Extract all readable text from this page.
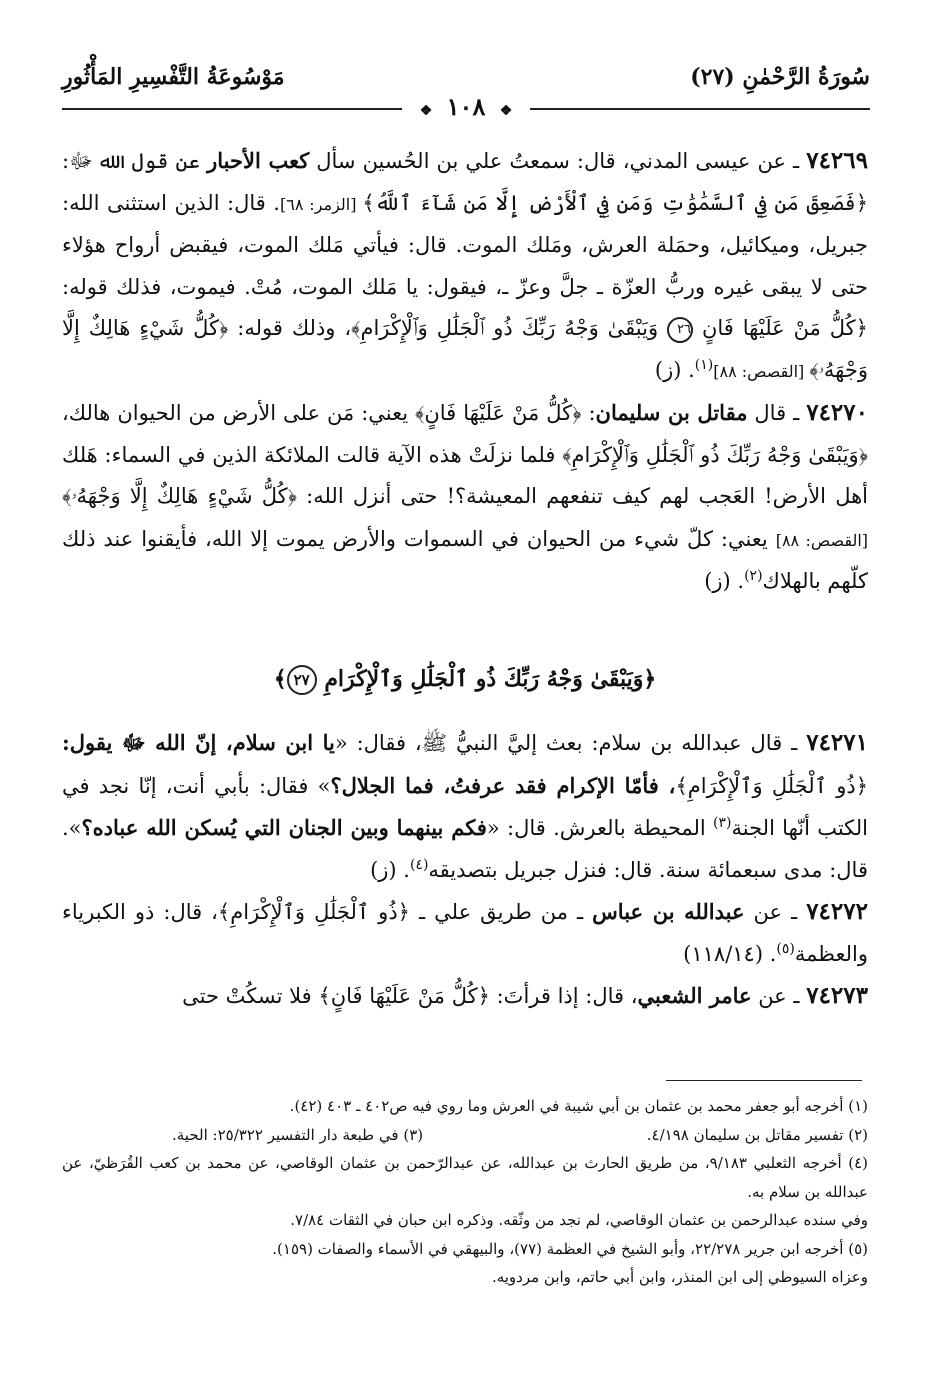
سُورَةُ الرَّحْمٰنِ (٢٧)
مَوْسُوعَةُ التَّفْسِيرِ المَأْثُورِ
❖ ١٠٨ ❖

٧٤٢٦٩ ـ عن عيسى المدني، قال: سمعتُ علي بن الحُسين سأل كعب الأحبار عن قول الله ﷻ: ﴿فَصَعِقَ مَن فِي ٱلسَّمَٰوَٰتِ وَمَن فِي ٱلْأَرْضِ إِلَّا مَن شَآءَ ٱللَّهُ﴾ [الزمر: ٦٨]. قال: الذين استثنى الله: جبريل، وميكائيل، وحمَلة العرش، ومَلك الموت. قال: فيأتي مَلك الموت، فيقبض أرواح هؤلاء حتى لا يبقى غيره وربُّ العزّة ـ جلَّ وعزّ ـ، فيقول: يا مَلك الموت، مُتْ. فيموت، فذلك قوله: ﴿كُلُّ مَنْ عَلَيْهَا فَانٍ ٢٦ وَيَبْقَىٰ وَجْهُ رَبِّكَ ذُو ٱلْجَلَٰلِ وَٱلْإِكْرَامِ﴾، وذلك قوله: ﴿كُلُّ شَيْءٍ هَالِكٌ إِلَّا وَجْهَهُۥ﴾ [القصص: ٨٨]$^{(١)}$. (ز)

٧٤٢٧٠ ـ قال مقاتل بن سليمان: ﴿كُلُّ مَنْ عَلَيْهَا فَانٍ﴾ يعني: مَن على الأرض من الحيوان هالك، ﴿وَيَبْقَىٰ وَجْهُ رَبِّكَ ذُو ٱلْجَلَٰلِ وَٱلْإِكْرَامِ﴾ فلما نزلَتْ هذه الآية قالت الملائكة الذين في السماء: هَلك أهل الأرض! العَجب لهم كيف تنفعهم المعيشة؟! حتى أنزل الله: ﴿كُلُّ شَيْءٍ هَالِكٌ إِلَّا وَجْهَهُۥ﴾ [القصص: ٨٨] يعني: كلّ شيء من الحيوان في السموات والأرض يموت إلا الله، فأيقنوا عند ذلك كلّهم بالهلاك$^{(٢)}$. (ز)

﴿وَيَبْقَىٰ وَجْهُ رَبِّكَ ذُو ٱلْجَلَٰلِ وَٱلْإِكْرَامِ ٢٧﴾

٧٤٢٧١ ـ قال عبدالله بن سلام: بعث إليَّ النبيُّ ﷺ، فقال: «يا ابن سلام، إنّ الله ﷻ يقول: ﴿ذُو ٱلْجَلَٰلِ وَٱلْإِكْرَامِ﴾، فأمّا الإكرام فقد عرفتُ، فما الجلال؟» فقال: بأبي أنت، إنّا نجد في الكتب أنّها الجنة$^{(٣)}$ المحيطة بالعرش. قال: «فكم بينهما وبين الجنان التي يُسكن الله عباده؟». قال: مدى سبعمائة سنة. قال: فنزل جبريل بتصديقه$^{(٤)}$. (ز)

٧٤٢٧٢ ـ عن عبدالله بن عباس ـ من طريق علي ـ ﴿ذُو ٱلْجَلَٰلِ وَٱلْإِكْرَامِ﴾، قال: ذو الكبرياء والعظمة$^{(٥)}$. (١١٨/١٤)

٧٤٢٧٣ ـ عن عامر الشعبي، قال: إذا قرأتَ: ﴿كُلُّ مَنْ عَلَيْهَا فَانٍ﴾ فلا تسكُتْ حتى

(١) أخرجه أبو جعفر محمد بن عثمان بن أبي شيبة في العرش وما روي فيه ص٤٠٢ ـ ٤٠٣ (٤٢).

(٢) تفسير مقاتل بن سليمان ٤/١٩٨.
(٣) في طبعة دار التفسير ٢٥/٣٢٢: الحية.

(٤) أخرجه الثعلبي ٩/١٨٣، من طريق الحارث بن عبدالله، عن عبدالرّحمن بن عثمان الوقاصي، عن محمد بن كعب القُرَظيّ، عن عبدالله بن سلام به.

وفي سنده عبدالرحمن بن عثمان الوقاصي، لم نجد من وثّقه. وذكره ابن حبان في الثقات ٧/٨٤.

(٥) أخرجه ابن جرير ٢٢/٢٧٨، وأبو الشيخ في العظمة (٧٧)، والبيهقي في الأسماء والصفات (١٥٩).

وعزاه السيوطي إلى ابن المنذر، وابن أبي حاتم، وابن مردويه.
